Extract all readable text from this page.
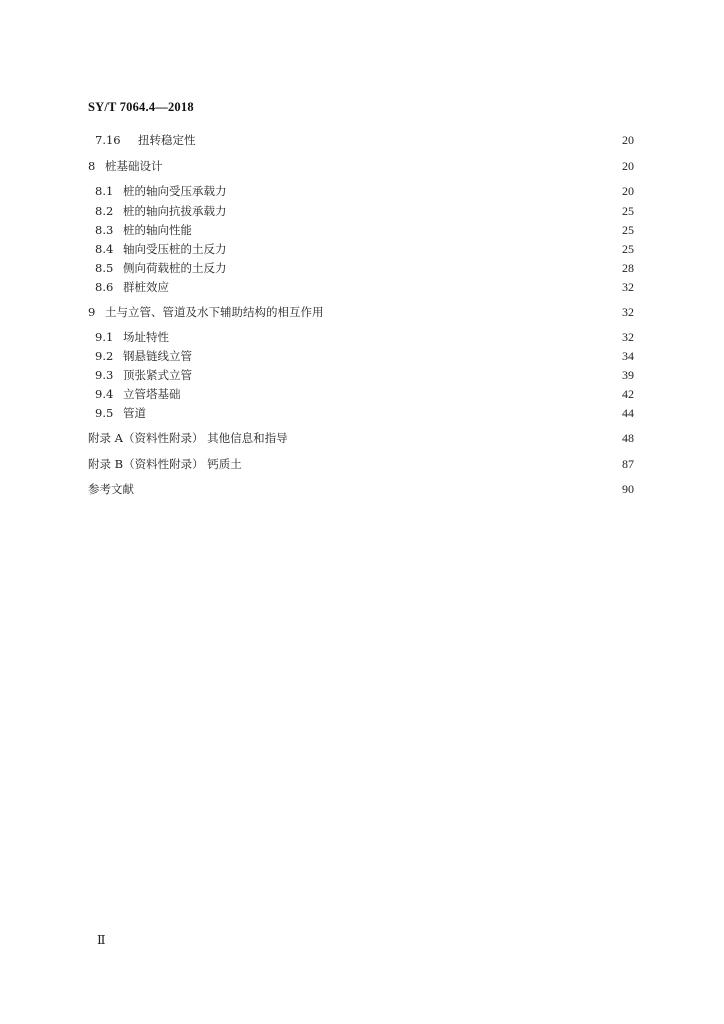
SY/T 7064.4—2018
7.16	扭转稳定性	20
8 桩基础设计	20
8.1 桩的轴向受压承载力	20
8.2 桩的轴向抗拔承载力	25
8.3 桩的轴向性能	25
8.4 轴向受压桩的土反力	25
8.5 侧向荷载桩的土反力	28
8.6 群桩效应	32
9 土与立管、管道及水下辅助结构的相互作用	32
9.1 场址特性	32
9.2 钢悬链线立管	34
9.3 顶张紧式立管	39
9.4 立管塔基础	42
9.5 管道	44
附录 A （资料性附录） 其他信息和指导	48
附录 B （资料性附录） 钙质土	87
参考文献	90
Ⅱ
